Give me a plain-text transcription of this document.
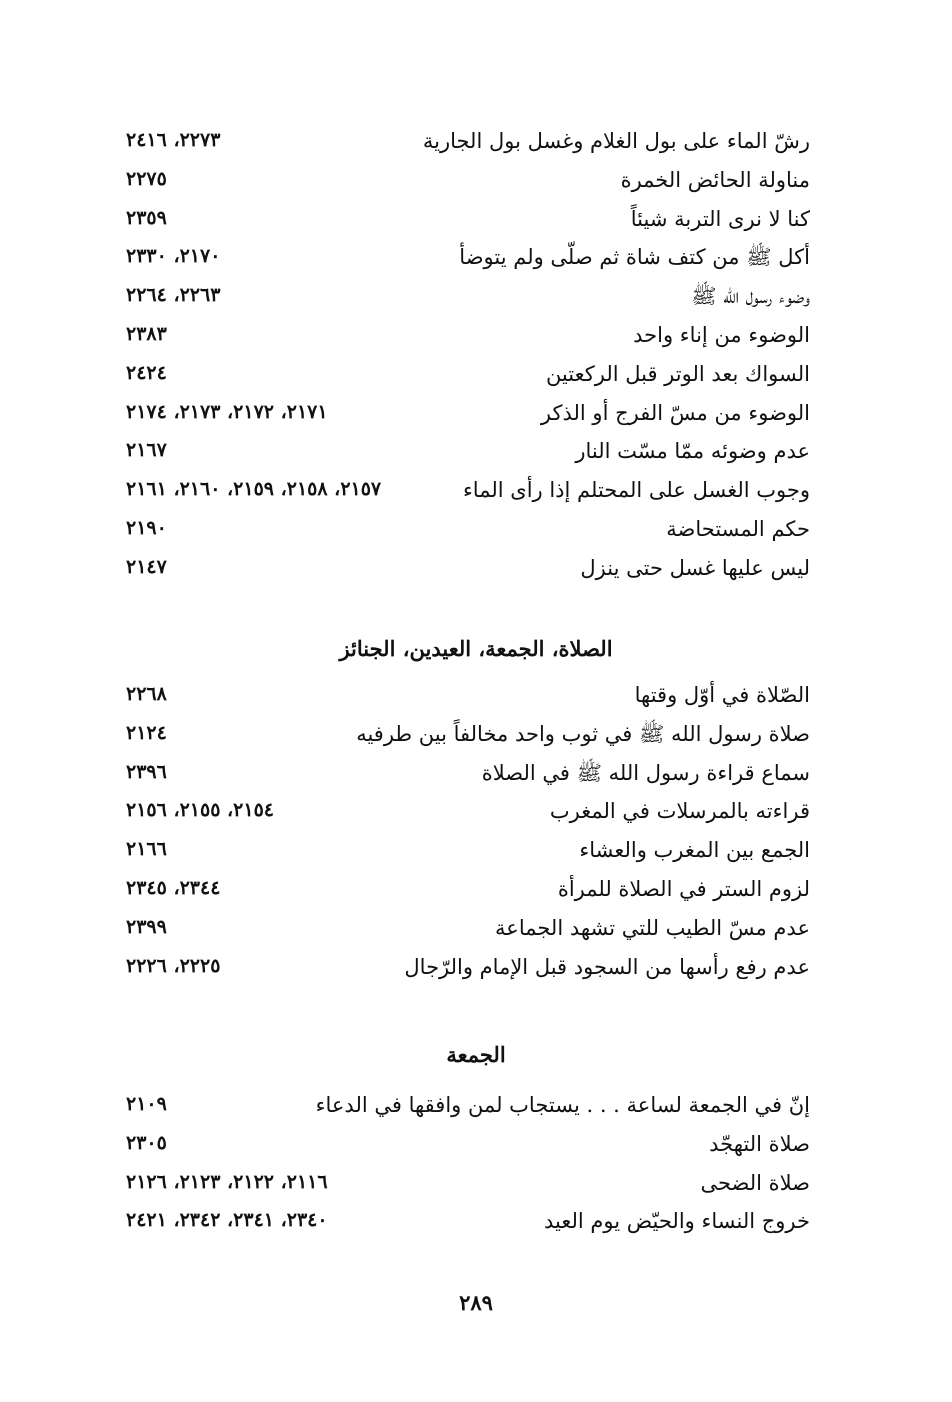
رشّ الماء على بول الغلام وغسل بول الجارية
٢٢٧٣، ٢٤١٦
مناولة الحائض الخمرة
٢٢٧٥
كنا لا نرى التربة شيئاً
٢٣٥٩
أكل ﷺ من كتف شاة ثم صلّى ولم يتوضأ
٢١٧٠، ٢٣٣٠
وضوء رسول الله ﷺ
٢٢٦٣، ٢٢٦٤
الوضوء من إناء واحد
٢٣٨٣
السواك بعد الوتر قبل الركعتين
٢٤٢٤
الوضوء من مسّ الفرج أو الذكر
٢١٧١، ٢١٧٢، ٢١٧٣، ٢١٧٤
عدم وضوئه ممّا مسّت النار
٢١٦٧
وجوب الغسل على المحتلم إذا رأى الماء
٢١٥٧، ٢١٥٨، ٢١٥٩، ٢١٦٠، ٢١٦١
حكم المستحاضة
٢١٩٠
ليس عليها غسل حتى ينزل
٢١٤٧
الصلاة، الجمعة، العيدين، الجنائز
الصّلاة في أوّل وقتها
٢٢٦٨
صلاة رسول الله ﷺ في ثوب واحد مخالفاً بين طرفيه
٢١٢٤
سماع قراءة رسول الله ﷺ في الصلاة
٢٣٩٦
قراءته بالمرسلات في المغرب
٢١٥٤، ٢١٥٥، ٢١٥٦
الجمع بين المغرب والعشاء
٢١٦٦
لزوم الستر في الصلاة للمرأة
٢٣٤٤، ٢٣٤٥
عدم مسّ الطيب للتي تشهد الجماعة
٢٣٩٩
عدم رفع رأسها من السجود قبل الإمام والرّجال
٢٢٢٥، ٢٢٢٦
الجمعة
إنّ في الجمعة لساعة . . . يستجاب لمن وافقها في الدعاء
٢١٠٩
صلاة التهجّد
٢٣٠٥
صلاة الضحى
٢١١٦، ٢١٢٢، ٢١٢٣، ٢١٢٦
خروج النساء والحيّض يوم العيد
٢٣٤٠، ٢٣٤١، ٢٣٤٢، ٢٤٢١
٢٨٩
